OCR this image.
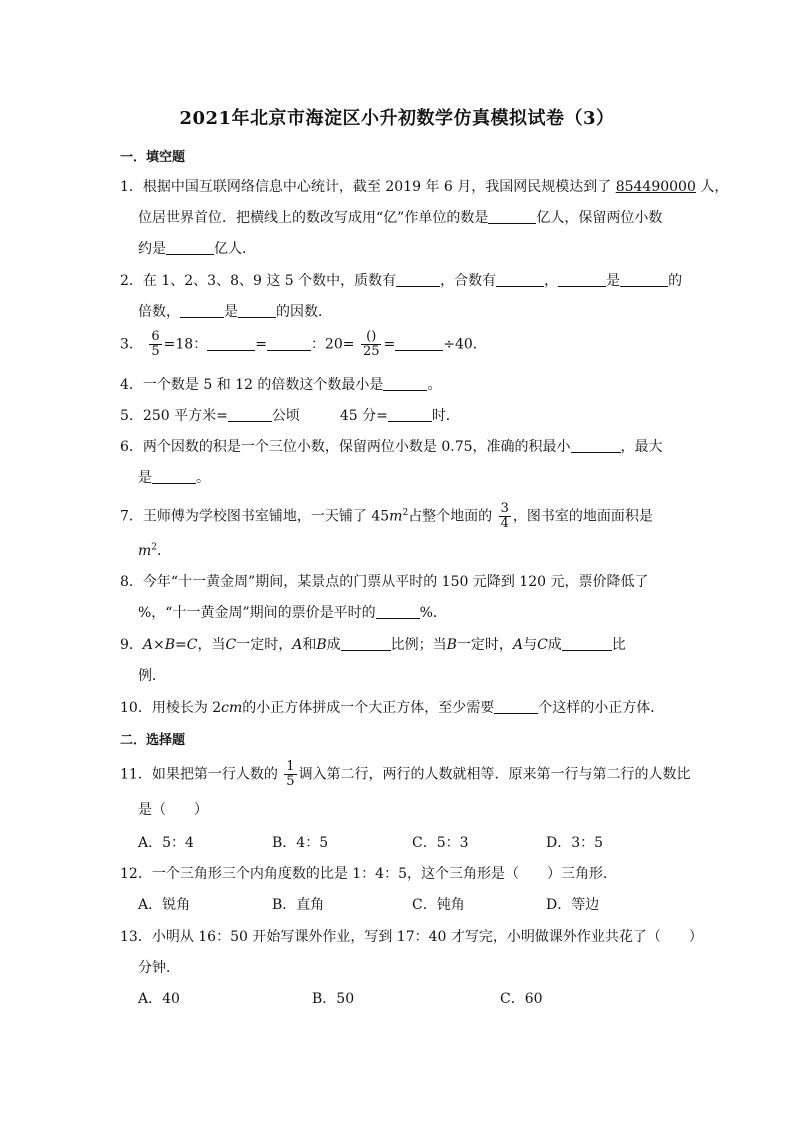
2021年北京市海淀区小升初数学仿真模拟试卷（3）
一．填空题
1．根据中国互联网络信息中心统计，截至 2019 年 6 月，我国网民规模达到了 854490000 人，
位居世界首位．把横线上的数改写成用“亿”作单位的数是	亿人，保留两位小数
约是	亿人．
2．在 1、2、3、8、9 这 5 个数中，质数有	，合数有	，	是	的
倍数，	是	的因数．
3． $\frac{6}{5} =18$：	=	：$20= \frac{()}{25}$ =	÷40．
4．一个数是 5 和 12 的倍数这个数最小是	。
5．250 平方米=	公顷	45 分=	时．
6．两个因数的积是一个三位小数，保留两位小数是 0.75，准确的积最小	，最大
是	。
7．王师傅为学校图书室铺地，一天铺了 $45m^2$占整个地面的 $\frac{3}{4}$ ，图书室的地面面积是
$m^2$．
8．今年“十一黄金周”期间，某景点的门票从平时的 150 元降到 120 元，票价降低了
%，“十一黄金周”期间的票价是平时的	%．
9．A×B=C，当C一定时，A和B成	比例；当B一定时，A与C成	比
例．
10．用棱长为 2cm的小正方体拼成一个大正方体，至少需要	个这样的小正方体．
二．选择题
11．如果把第一行人数的 $\frac{1}{5}$ 调入第二行，两行的人数就相等．原来第一行与第二行的人数比
是（　　）
A．5：4	B．4：5	C．5：3	D．3：5
12．一个三角形三个内角度数的比是 1：4：5，这个三角形是（　　）三角形．
A．锐角	B．直角	C．钝角	D．等边
13．小明从 16：50 开始写课外作业，写到 17：40 才写完，小明做课外作业共花了（　　）
分钟．
A．40	B．50	C．60
